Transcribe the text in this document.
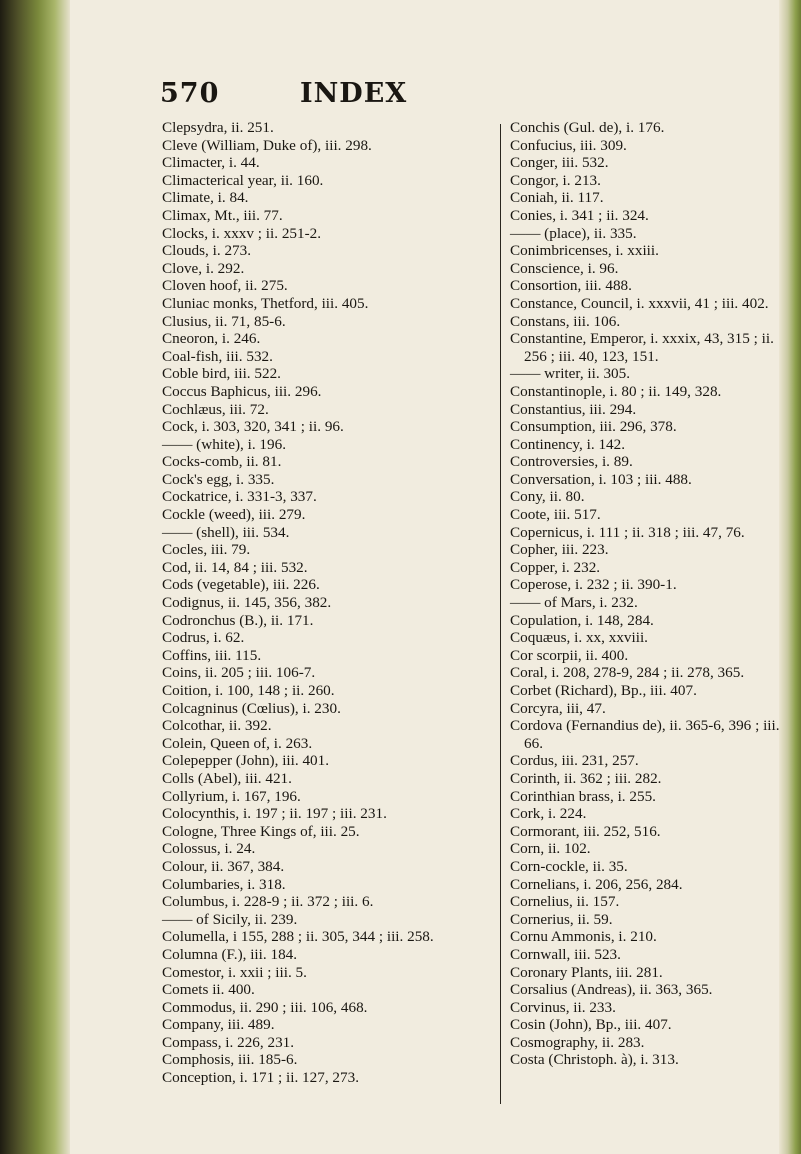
570	INDEX
Clepsydra, ii. 251.
Cleve (William, Duke of), iii. 298.
Climacter, i. 44.
Climacterical year, ii. 160.
Climate, i. 84.
Climax, Mt., iii. 77.
Clocks, i. xxxv ; ii. 251-2.
Clouds, i. 273.
Clove, i. 292.
Cloven hoof, ii. 275.
Cluniac monks, Thetford, iii. 405.
Clusius, ii. 71, 85-6.
Cneoron, i. 246.
Coal-fish, iii. 532.
Coble bird, iii. 522.
Coccus Baphicus, iii. 296.
Cochlæus, iii. 72.
Cock, i. 303, 320, 341 ; ii. 96.
—— (white), i. 196.
Cocks-comb, ii. 81.
Cock's egg, i. 335.
Cockatrice, i. 331-3, 337.
Cockle (weed), iii. 279.
—— (shell), iii. 534.
Cocles, iii. 79.
Cod, ii. 14, 84 ; iii. 532.
Cods (vegetable), iii. 226.
Codignus, ii. 145, 356, 382.
Codronchus (B.), ii. 171.
Codrus, i. 62.
Coffins, iii. 115.
Coins, ii. 205 ; iii. 106-7.
Coition, i. 100, 148 ; ii. 260.
Colcagninus (Cœlius), i. 230.
Colcothar, ii. 392.
Colein, Queen of, i. 263.
Colepepper (John), iii. 401.
Colls (Abel), iii. 421.
Collyrium, i. 167, 196.
Colocynthis, i. 197 ; ii. 197 ; iii. 231.
Cologne, Three Kings of, iii. 25.
Colossus, i. 24.
Colour, ii. 367, 384.
Columbaries, i. 318.
Columbus, i. 228-9 ; ii. 372 ; iii. 6.
—— of Sicily, ii. 239.
Columella, i 155, 288 ; ii. 305, 344 ; iii. 258.
Columna (F.), iii. 184.
Comestor, i. xxii ; iii. 5.
Comets ii. 400.
Commodus, ii. 290 ; iii. 106, 468.
Company, iii. 489.
Compass, i. 226, 231.
Comphosis, iii. 185-6.
Conception, i. 171 ; ii. 127, 273.
Conchis (Gul. de), i. 176.
Confucius, iii. 309.
Conger, iii. 532.
Congor, i. 213.
Coniah, ii. 117.
Conies, i. 341 ; ii. 324.
—— (place), ii. 335.
Conimbricenses, i. xxiii.
Conscience, i. 96.
Consortion, iii. 488.
Constance, Council, i. xxxvii, 41 ; iii. 402.
Constans, iii. 106.
Constantine, Emperor, i. xxxix, 43, 315 ; ii. 256 ; iii. 40, 123, 151.
—— writer, ii. 305.
Constantinople, i. 80 ; ii. 149, 328.
Constantius, iii. 294.
Consumption, iii. 296, 378.
Continency, i. 142.
Controversies, i. 89.
Conversation, i. 103 ; iii. 488.
Cony, ii. 80.
Coote, iii. 517.
Copernicus, i. 111 ; ii. 318 ; iii. 47, 76.
Copher, iii. 223.
Copper, i. 232.
Coperose, i. 232 ; ii. 390-1.
—— of Mars, i. 232.
Copulation, i. 148, 284.
Coquæus, i. xx, xxviii.
Cor scorpii, ii. 400.
Coral, i. 208, 278-9, 284 ; ii. 278, 365.
Corbet (Richard), Bp., iii. 407.
Corcyra, iii, 47.
Cordova (Fernandius de), ii. 365-6, 396 ; iii. 66.
Cordus, iii. 231, 257.
Corinth, ii. 362 ; iii. 282.
Corinthian brass, i. 255.
Cork, i. 224.
Cormorant, iii. 252, 516.
Corn, ii. 102.
Corn-cockle, ii. 35.
Cornelians, i. 206, 256, 284.
Cornelius, ii. 157.
Cornerius, ii. 59.
Cornu Ammonis, i. 210.
Cornwall, iii. 523.
Coronary Plants, iii. 281.
Corsalius (Andreas), ii. 363, 365.
Corvinus, ii. 233.
Cosin (John), Bp., iii. 407.
Cosmography, ii. 283.
Costa (Christoph. à), i. 313.
